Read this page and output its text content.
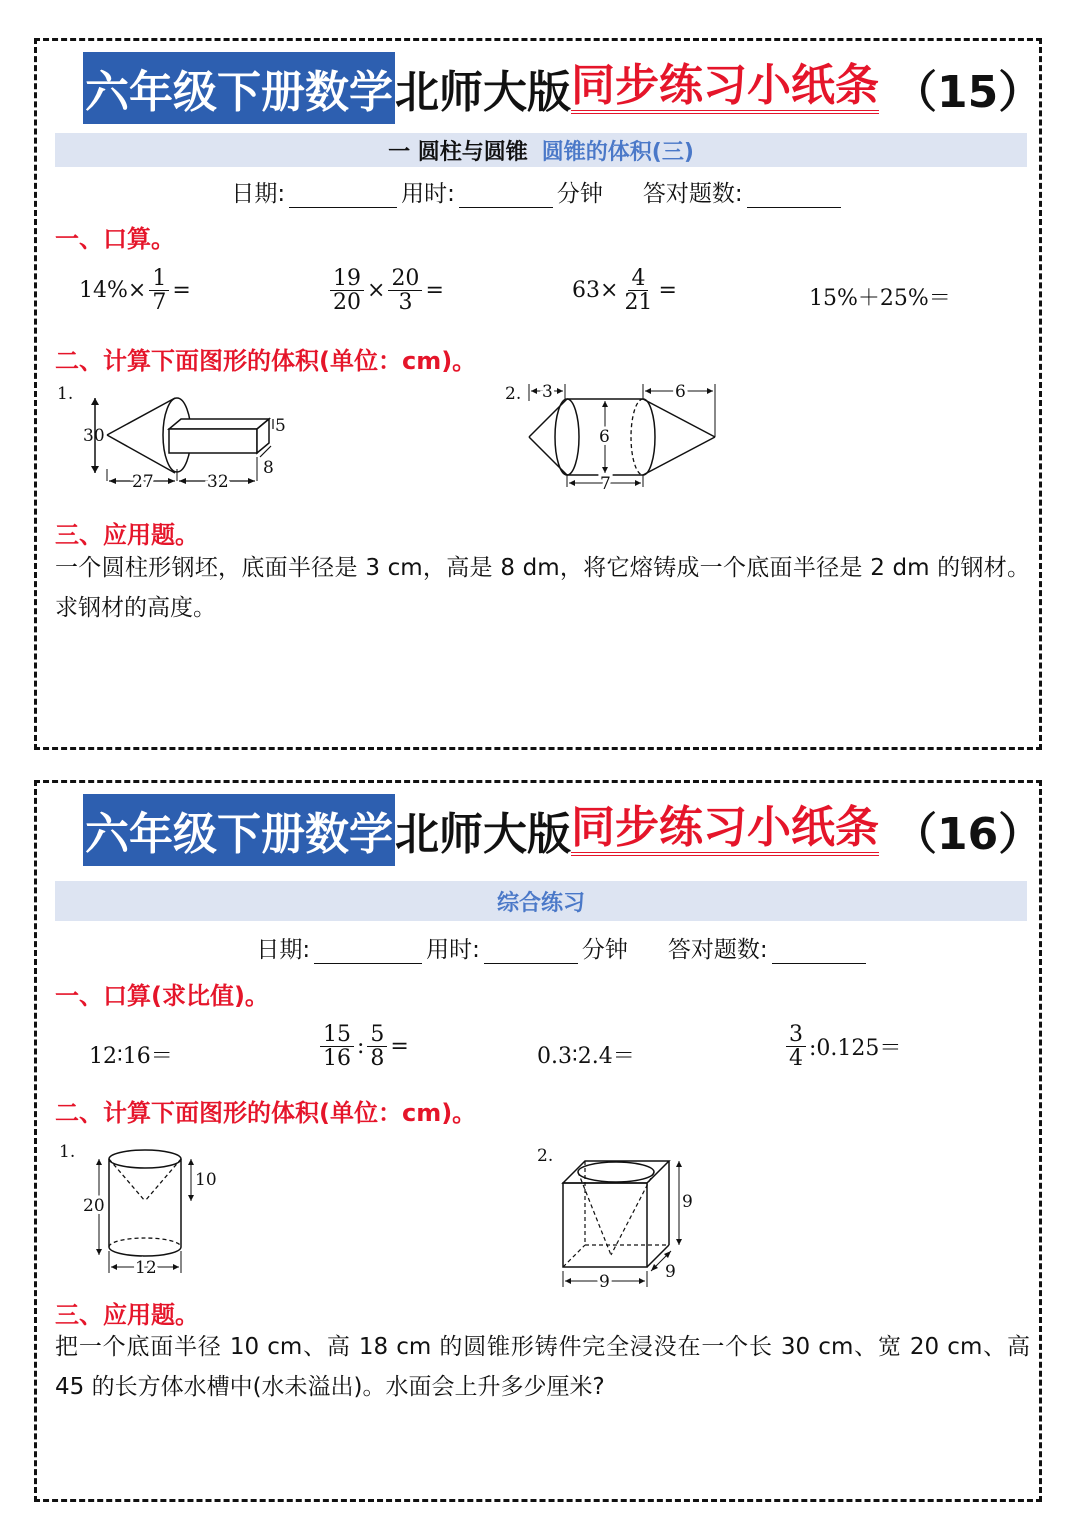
六年级下册数学 北师大版 同步练习小纸条 （15）
一 圆柱与圆锥 圆锥的体积(三)
日期:	用时:	分钟 答对题数:
一、口算。
$14\%\times \frac{1}{7}$ =	$\frac{19}{20} \times \frac{20}{3}$ =	$63\times \frac{4}{21}$ =	15%＋25%＝
二、计算下面图形的体积(单位：cm)。
1.
30	5
8
27	32
2. 3	6
6
7
三、应用题。
一个圆柱形钢坯，底面半径是 3 cm，高是 8 dm，将它熔铸成一个底面半径是 2 dm 的钢材。求钢材的高度。
六年级下册数学 北师大版 同步练习小纸条 （16）
综合练习
日期:	用时:	分钟 答对题数:
一、口算(求比值)。
12∶16＝	$\frac{15}{16}$ : $\frac{5}{8}$ =	0.3∶2.4＝	$\frac{3}{4}$ :0.125＝
二、计算下面图形的体积(单位：cm)。
1.
20
10
12
2.
9
9	9
三、应用题。
把一个底面半径 10 cm、高 18 cm 的圆锥形铸件完全浸没在一个长 30 cm、宽 20 cm、高 45 的长方体水槽中(水未溢出)。水面会上升多少厘米?
